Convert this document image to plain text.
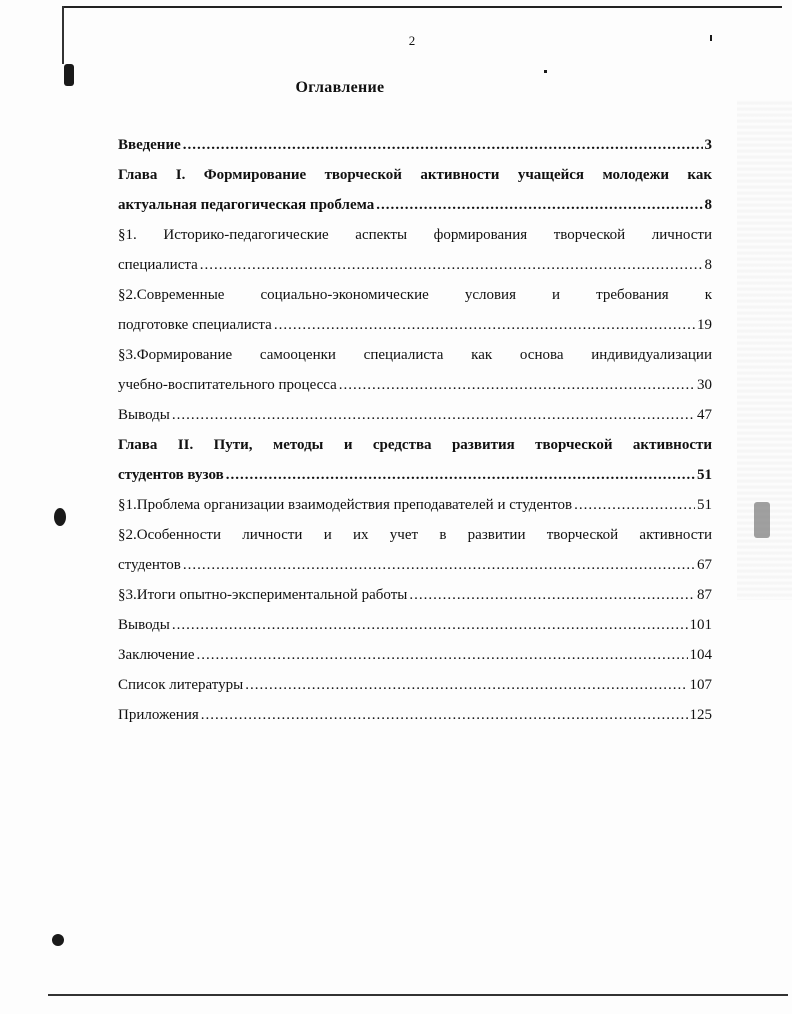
2
Оглавление
Введение .....	3
Глава I. Формирование творческой активности учащейся молодежи как
актуальная педагогическая проблема .....	8
§1. Историко-педагогические аспекты формирования творческой личности
специалиста .....	8
§2.Современные социально-экономические условия и требования к
подготовке специалиста .....	19
§3.Формирование самооценки специалиста как основа индивидуализации
учебно-воспитательного процесса .....	30
Выводы .....	47
Глава II. Пути, методы и средства развития творческой активности
студентов вузов .....	51
§1.Проблема организации взаимодействия преподавателей и студентов .....	51
§2.Особенности личности и их учет в развитии творческой активности
студентов .....	67
§3.Итоги опытно-экспериментальной работы .....	87
Выводы .....	101
Заключение .....	104
Список литературы .....	107
Приложения .....	125
